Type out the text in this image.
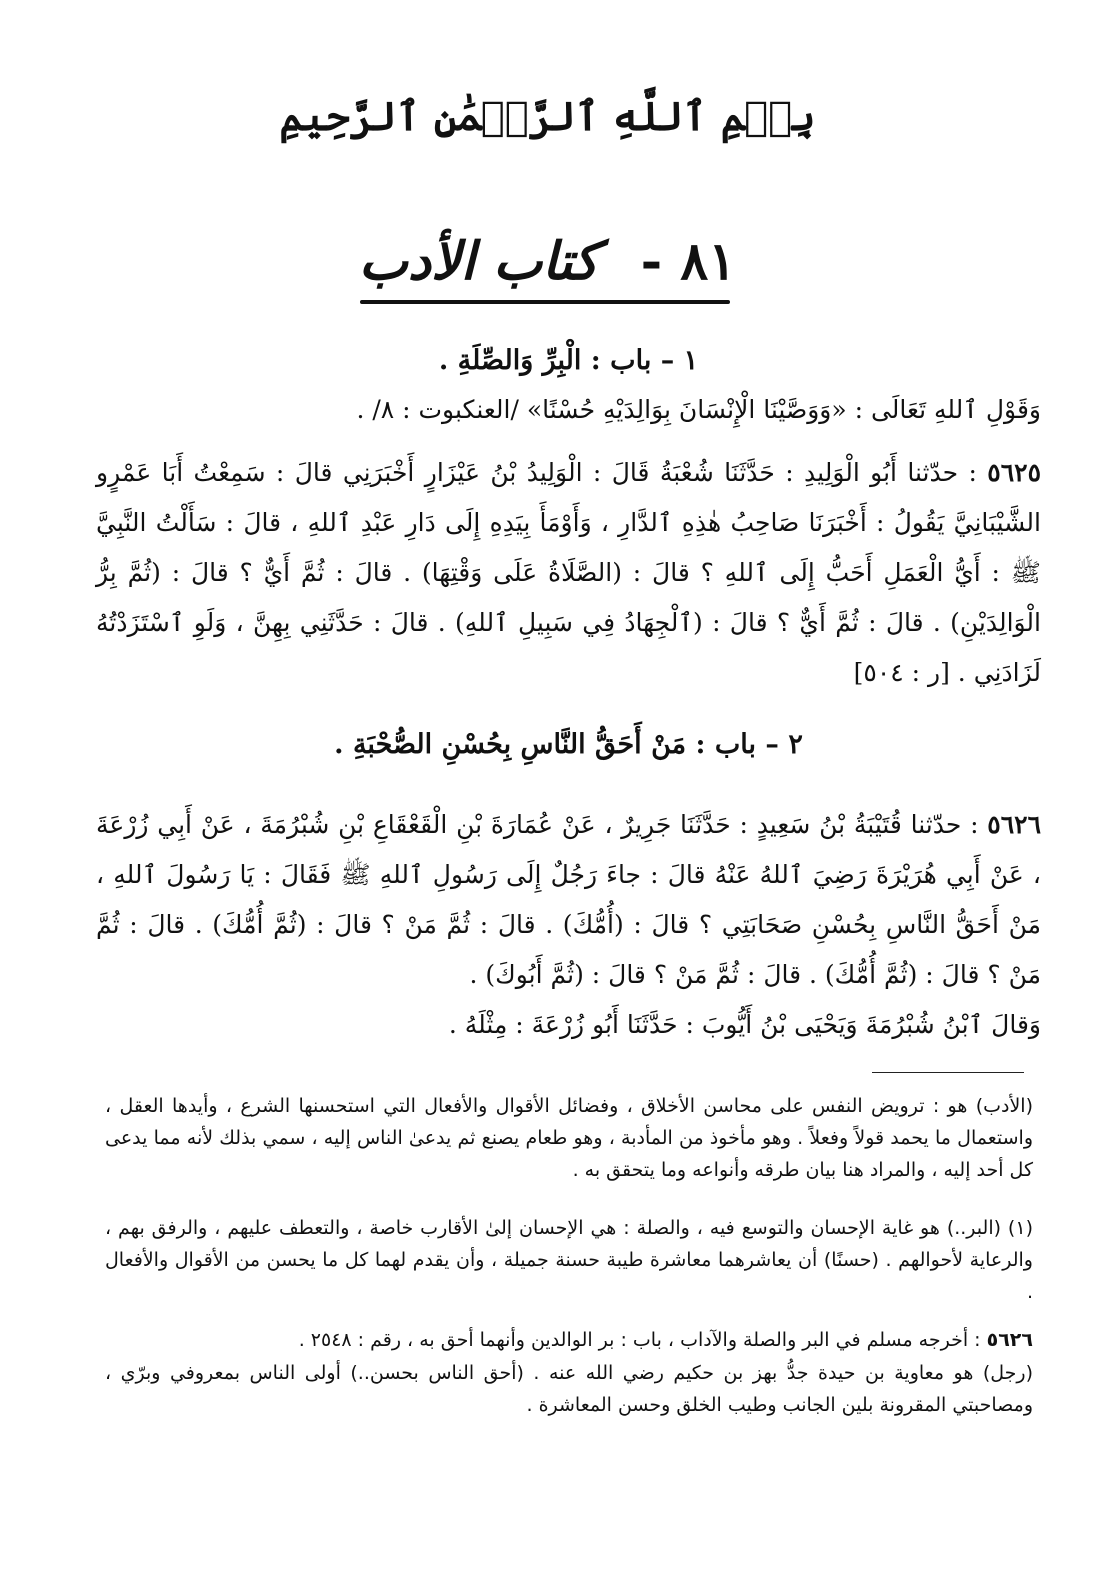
بِسۡمِ ٱللَّهِ ٱلرَّحۡمَٰنِ ٱلرَّحِيمِ
٨١ - كتاب الأدب
١ – باب : الْبِرِّ وَالصِّلَةِ .
وَقَوْلِ ٱللهِ تَعَالَى : «وَوَصَّيْنَا الْإِنْسَانَ بِوَالِدَيْهِ حُسْنًا» /العنكبوت : ٨/ .
٥٦٢٥ : حدّثنا أَبُو الْوَلِيدِ : حَدَّثَنَا شُعْبَةُ قَالَ : الْوَلِيدُ بْنُ عَيْزَارٍ أَخْبَرَنِي قالَ : سَمِعْتُ أَبَا عَمْرٍو الشَّيْبَانِيَّ يَقُولُ : أَخْبَرَنَا صَاحِبُ هٰذِهِ ٱلدَّارِ ، وَأَوْمَأَ بِيَدِهِ إِلَى دَارِ عَبْدِ ٱللهِ ، قالَ : سَأَلْتُ النَّبِيَّ ﷺ : أَيُّ الْعَمَلِ أَحَبُّ إِلَى ٱللهِ ؟ قالَ : (الصَّلَاةُ عَلَى وَقْتِهَا) . قالَ : ثُمَّ أَيٌّ ؟ قالَ : (ثُمَّ بِرُّ الْوَالِدَيْنِ) . قالَ : ثُمَّ أَيٌّ ؟ قالَ : (ٱلْجِهَادُ فِي سَبِيلِ ٱللهِ) . قالَ : حَدَّثَنِي بِهِنَّ ، وَلَوِ ٱسْتَزَدْتُهُ لَزَادَنِي . [ر : ٥٠٤]
٢ – باب : مَنْ أَحَقُّ النَّاسِ بِحُسْنِ الصُّحْبَةِ .
٥٦٢٦ : حدّثنا قُتَيْبَةُ بْنُ سَعِيدٍ : حَدَّثَنَا جَرِيرٌ ، عَنْ عُمَارَةَ بْنِ الْقَعْقَاعِ بْنِ شُبْرُمَةَ ، عَنْ أَبِي زُرْعَةَ ، عَنْ أَبِي هُرَيْرَةَ رَضِيَ ٱللهُ عَنْهُ قالَ : جاءَ رَجُلٌ إِلَى رَسُولِ ٱللهِ ﷺ فَقَالَ : يَا رَسُولَ ٱللهِ ، مَنْ أَحَقُّ النَّاسِ بِحُسْنِ صَحَابَتِي ؟ قالَ : (أُمُّكَ) . قالَ : ثُمَّ مَنْ ؟ قالَ : (ثُمَّ أُمُّكَ) . قالَ : ثُمَّ مَنْ ؟ قالَ : (ثُمَّ أُمُّكَ) . قالَ : ثُمَّ مَنْ ؟ قالَ : (ثُمَّ أَبُوكَ) .
وَقالَ ٱبْنُ شُبْرُمَةَ وَيَحْيَى بْنُ أَيُّوبَ : حَدَّثَنَا أَبُو زُرْعَةَ : مِثْلَهُ .
(الأدب) هو : ترويض النفس على محاسن الأخلاق ، وفضائل الأقوال والأفعال التي استحسنها الشرع ، وأيدها العقل ، واستعمال ما يحمد قولاً وفعلاً . وهو مأخوذ من المأدبة ، وهو طعام يصنع ثم يدعىٰ الناس إليه ، سمي بذلك لأنه مما يدعى كل أحد إليه ، والمراد هنا بيان طرقه وأنواعه وما يتحقق به .
(١) (البر..) هو غاية الإحسان والتوسع فيه ، والصلة : هي الإحسان إلىٰ الأقارب خاصة ، والتعطف عليهم ، والرفق بهم ، والرعاية لأحوالهم . (حسنًا) أن يعاشرهما معاشرة طيبة حسنة جميلة ، وأن يقدم لهما كل ما يحسن من الأقوال والأفعال .
٥٦٢٦ : أخرجه مسلم في البر والصلة والآداب ، باب : بر الوالدين وأنهما أحق به ، رقم : ٢٥٤٨ .
(رجل) هو معاوية بن حيدة جدُّ بهز بن حكيم رضي الله عنه . (أحق الناس بحسن..) أولى الناس بمعروفي وبرّي ، ومصاحبتي المقرونة بلين الجانب وطيب الخلق وحسن المعاشرة .
